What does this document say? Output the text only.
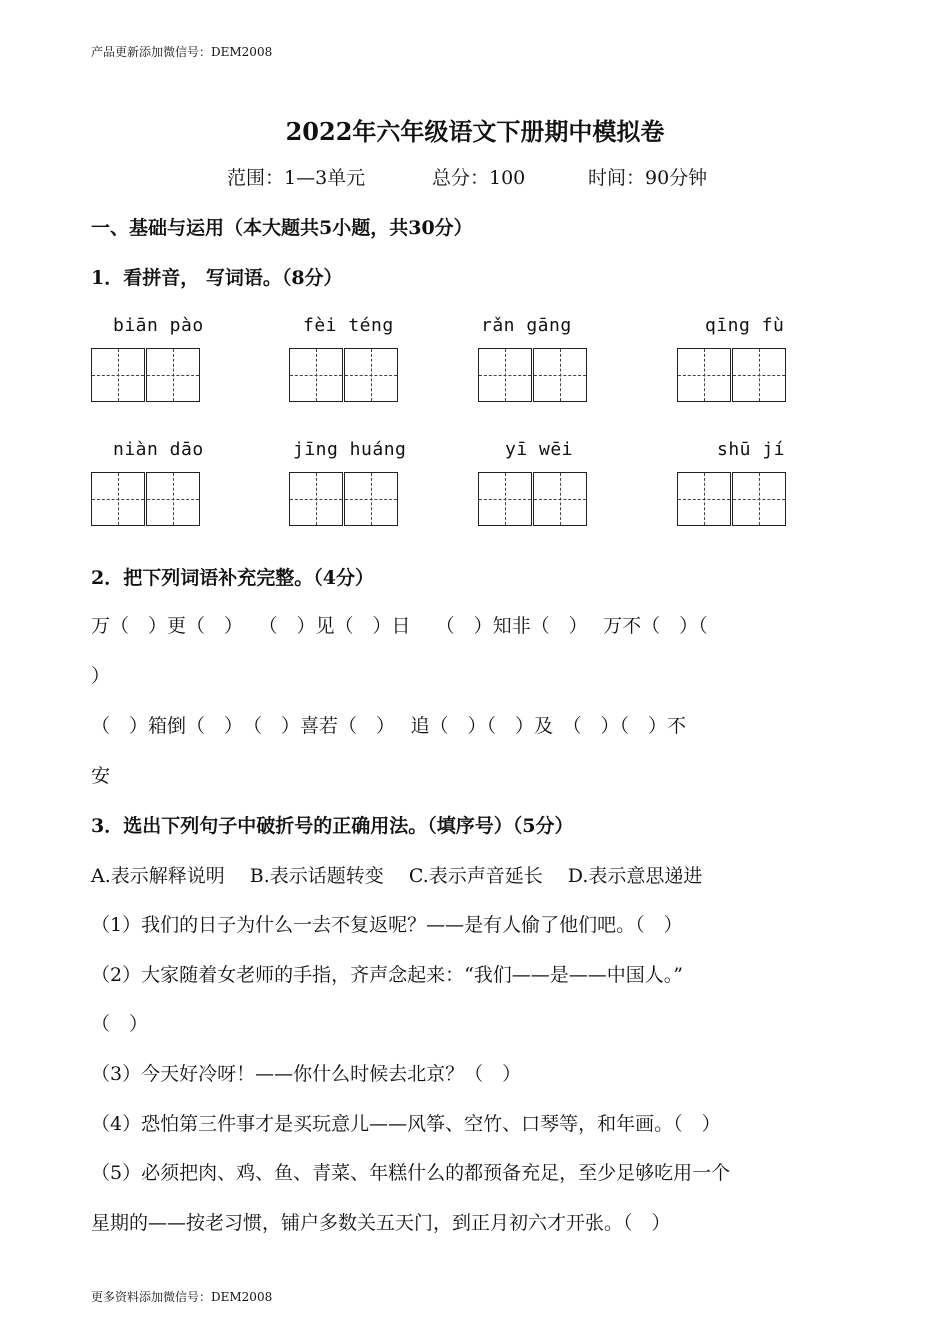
产品更新添加微信号：DEM2008
更多资料添加微信号：DEM2008
2022年六年级语文下册期中模拟卷
范围：1—3单元	总分：100	时间：90分钟
一、基础与运用（本大题共5小题，共30分）
1．看拼音， 写词语。（8分）
biān pào	fèi téng	rǎn gāng	qīng fù
niàn dāo	jīng huáng	yī wēi	shū jí
2．把下列词语补充完整。（4分）
万（　）更（　）　 （　）见（　）日　 （　）知非（　）　 万不（　）（
）
（　）箱倒（　）　（　）喜若（　）　 追（　）（　）及　（　）（　）不
安
3．选出下列句子中破折号的正确用法。（填序号）（5分）
A.表示解释说明　 B.表示话题转变　 C.表示声音延长　 D.表示意思递进
（1）我们的日子为什么一去不复返呢？——是有人偷了他们吧。（　）
（2）大家随着女老师的手指，齐声念起来：“我们——是——中国人。”
（　）
（3）今天好冷呀！——你什么时候去北京？（　）
（4）恐怕第三件事才是买玩意儿——风筝、空竹、口琴等，和年画。（　）
（5）必须把肉、鸡、鱼、青菜、年糕什么的都预备充足，至少足够吃用一个
星期的——按老习惯，铺户多数关五天门，到正月初六才开张。（　）
